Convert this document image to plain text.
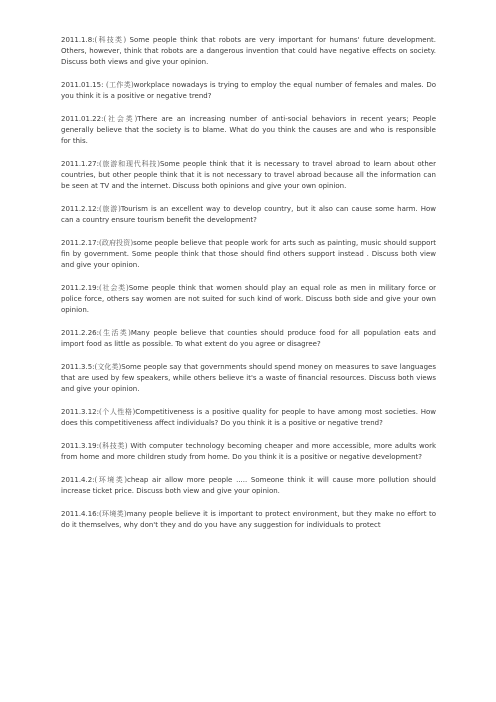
2011.1.8:(科技类) Some people think that robots are very important for humans' future development. Others, however, think that robots are a dangerous invention that could have negative effects on society. Discuss both views and give your opinion.

2011.01.15: (工作类)workplace nowadays is trying to employ the equal number of females and males. Do you think it is a positive or negative trend?

2011.01.22:(社会类)There are an increasing number of anti-social behaviors in recent years; People generally believe that the society is to blame. What do you think the causes are and who is responsible for this.

2011.1.27:(旅游和现代科技)Some people think that it is necessary to travel abroad to learn about other countries, but other people think that it is not necessary to travel abroad because all the information can be seen at TV and the internet. Discuss both opinions and give your own opinion.

2011.2.12:(旅游)Tourism is an excellent way to develop country, but it also can cause some harm. How can a country ensure tourism benefit the development?

2011.2.17:(政府投资)some people believe that people work for arts such as painting, music should support fin by government. Some people think that those should find others support instead . Discuss both view and give your opinion.

2011.2.19:(社会类)Some people think that women should play an equal role as men in military force or police force, others say women are not suited for such kind of work. Discuss both side and give your own opinion.

2011.2.26:(生活类)Many people believe that counties should produce food for all population eats and import food as little as possible. To what extent do you agree or disagree?

2011.3.5:(文化类)Some people say that governments should spend money on measures to save languages that are used by few speakers, while others believe it's a waste of financial resources. Discuss both views and give your opinion.

2011.3.12:(个人性格)Competitiveness is a positive quality for people to have among most societies. How does this competitiveness affect individuals? Do you think it is a positive or negative trend?

2011.3.19:(科技类) With computer technology becoming cheaper and more accessible, more adults work from home and more children study from home. Do you think it is a positive or negative development?

2011.4.2:(环境类)cheap air allow more people ..... Someone think it will cause more pollution should increase ticket price. Discuss both view and give your opinion.

2011.4.16:(环境类)many people believe it is important to protect environment, but they make no effort to do it themselves, why don't they and do you have any suggestion for individuals to protect
